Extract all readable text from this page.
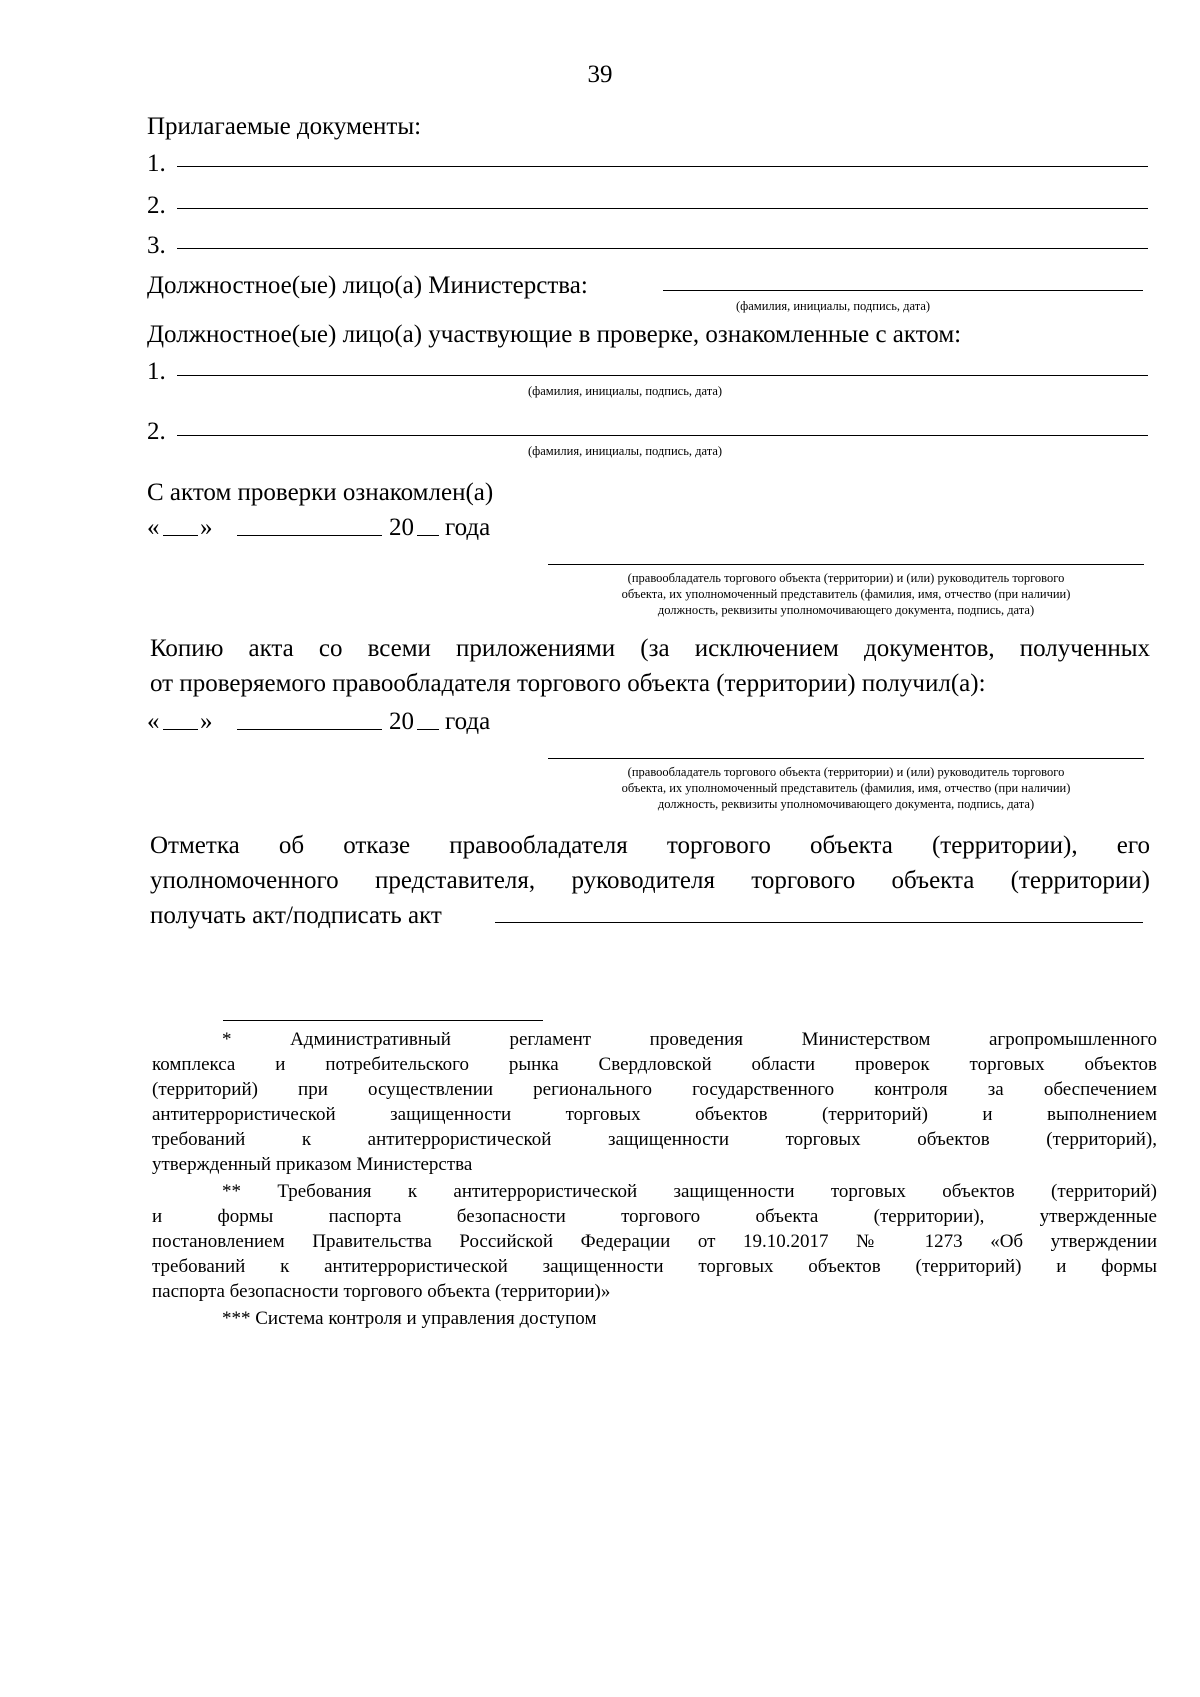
39
Прилагаемые документы:
1.
2.
3.
Должностное(ые) лицо(а) Министерства:
(фамилия, инициалы, подпись, дата)
Должностное(ые) лицо(а) участвующие в проверке, ознакомленные с актом:
1.
(фамилия, инициалы, подпись, дата)
2.
(фамилия, инициалы, подпись, дата)
С актом проверки ознакомлен(а)
« »	20 года
(правообладатель торгового объекта (территории) и (или) руководитель торгового
объекта, их уполномоченный представитель (фамилия, имя, отчество (при наличии)
должность, реквизиты уполномочивающего документа, подпись, дата)
Копию акта со всеми приложениями (за исключением документов, полученных
от проверяемого правообладателя торгового объекта (территории) получил(а):
« »	20 года
(правообладатель торгового объекта (территории) и (или) руководитель торгового
объекта, их уполномоченный представитель (фамилия, имя, отчество (при наличии)
должность, реквизиты уполномочивающего документа, подпись, дата)
Отметка об отказе правообладателя торгового объекта (территории), его
уполномоченного представителя, руководителя торгового объекта (территории)
получать акт/подписать акт

* Административный регламент проведения Министерством агропромышленного

комплекса и потребительского рынка Свердловской области проверок торговых объектов

(территорий) при осуществлении регионального государственного контроля за обеспечением

антитеррористической защищенности торговых объектов (территорий) и выполнением

требований к антитеррористической защищенности торговых объектов (территорий),

утвержденный приказом Министерства

** Требования к антитеррористической защищенности торговых объектов (территорий)

и формы паспорта безопасности торгового объекта (территории), утвержденные

постановлением Правительства Российской Федерации от 19.10.2017 № 1273 «Об утверждении

требований к антитеррористической защищенности торговых объектов (территорий) и формы

паспорта безопасности торгового объекта (территории)»

*** Система контроля и управления доступом
